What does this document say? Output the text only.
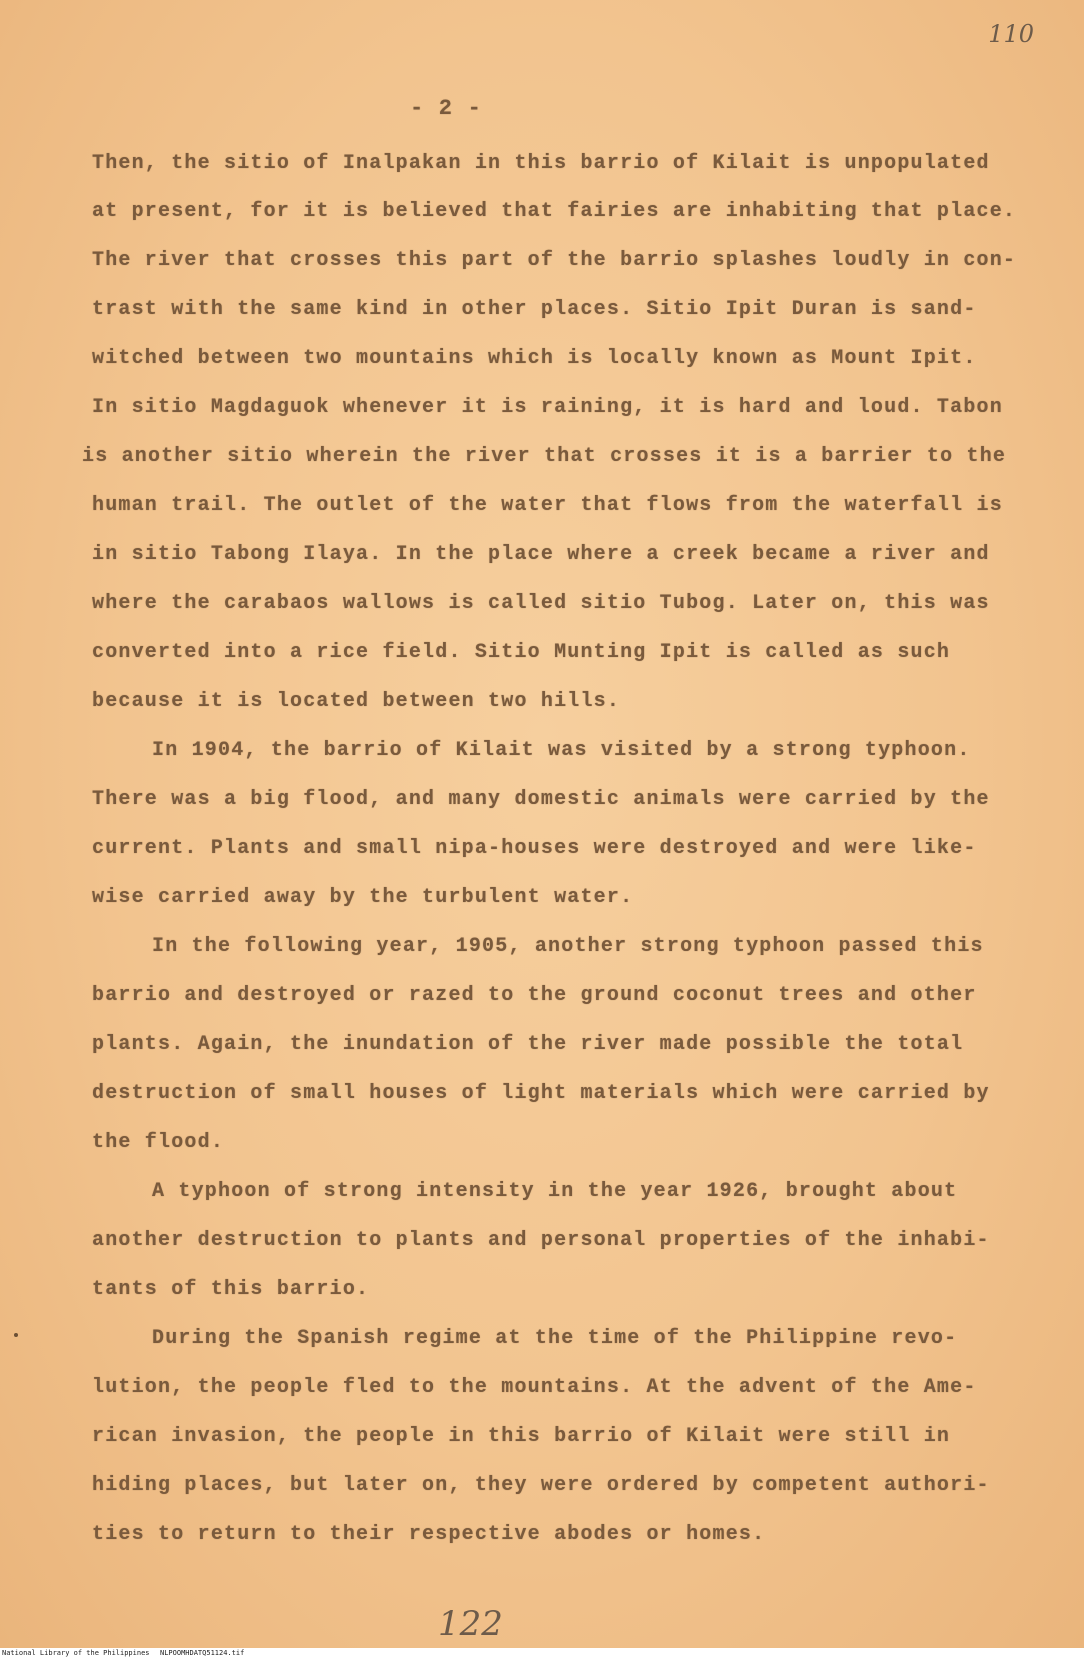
110
- 2 -
Then, the sitio of Inalpakan in this barrio of Kilait is unpopulated
at present, for it is believed that fairies are inhabiting that place.
The river that crosses this part of the barrio splashes loudly in con-
trast with the same kind in other places. Sitio Ipit Duran is sand-
witched between two mountains which is locally known as Mount Ipit.
In sitio Magdaguok whenever it is raining, it is hard and loud. Tabon
is another sitio wherein the river that crosses it is a barrier to the
human trail. The outlet of the water that flows from the waterfall is
in sitio Tabong Ilaya. In the place where a creek became a river and
where the carabaos wallows is called sitio Tubog. Later on, this was
converted into a rice field. Sitio Munting Ipit is called as such
because it is located between two hills.
In 1904, the barrio of Kilait was visited by a strong typhoon.
There was a big flood, and many domestic animals were carried by the
current. Plants and small nipa-houses were destroyed and were like-
wise carried away by the turbulent water.
In the following year, 1905, another strong typhoon passed this
barrio and destroyed or razed to the ground coconut trees and other
plants. Again, the inundation of the river made possible the total
destruction of small houses of light materials which were carried by
the flood.
A typhoon of strong intensity in the year 1926, brought about
another destruction to plants and personal properties of the inhabi-
tants of this barrio.
During the Spanish regime at the time of the Philippine revo-
lution, the people fled to the mountains. At the advent of the Ame-
rican invasion, the people in this barrio of Kilait were still in
hiding places, but later on, they were ordered by competent authori-
ties to return to their respective abodes or homes.
122
National Library of the Philippines NLPOOMHDATQ51124.tif
